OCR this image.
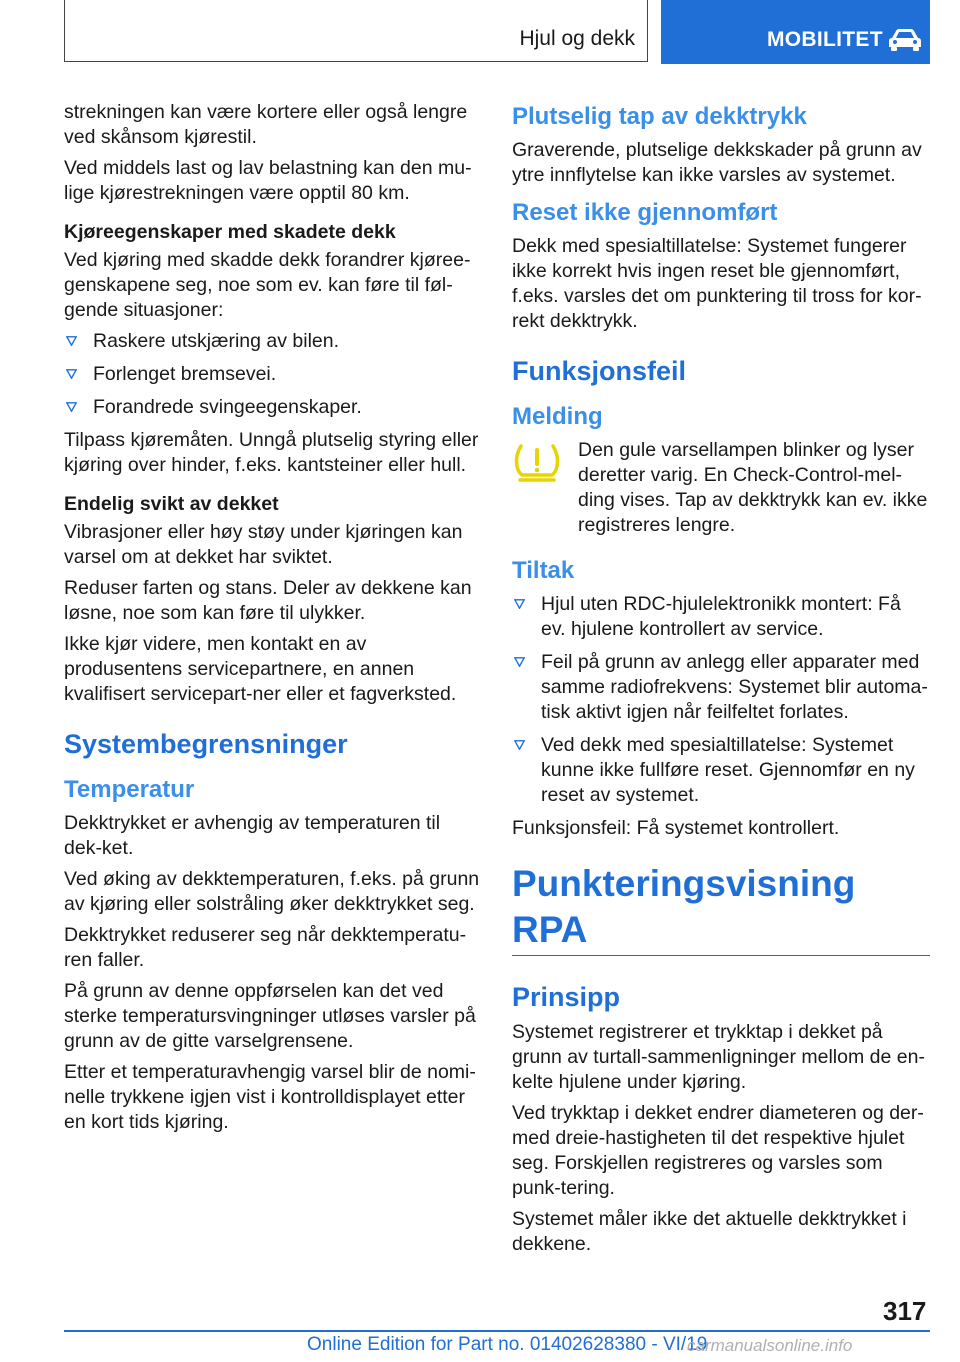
Hjul og dekk	MOBILITET

strekningen kan være kortere eller også lengre ved skånsom kjørestil.

Ved middels last og lav belastning kan den mu-lige kjørestrekningen være opptil 80 km.

Kjøreegenskaper med skadete dekk

Ved kjøring med skadde dekk forandrer kjøree-genskapene seg, noe som ev. kan føre til føl-gende situasjoner:

Raskere utskjæring av bilen.
Forlenget bremsevei.
Forandrede svingeegenskaper.

Tilpass kjøremåten. Unngå plutselig styring eller kjøring over hinder, f.eks. kantsteiner eller hull.

Endelig svikt av dekket

Vibrasjoner eller høy støy under kjøringen kan varsel om at dekket har sviktet.

Reduser farten og stans. Deler av dekkene kan løsne, noe som kan føre til ulykker.

Ikke kjør videre, men kontakt en av produsentens servicepartnere, en annen kvalifisert servicepart-ner eller et fagverksted.

Systembegrensninger
Temperatur

Dekktrykket er avhengig av temperaturen til dek-ket.

Ved øking av dekktemperaturen, f.eks. på grunn av kjøring eller solstråling øker dekktrykket seg.

Dekktrykket reduserer seg når dekktemperatu-ren faller.

På grunn av denne oppførselen kan det ved sterke temperatursvingninger utløses varsler på grunn av de gitte varselgrensene.

Etter et temperaturavhengig varsel blir de nomi-nelle trykkene igjen vist i kontrolldisplayet etter en kort tids kjøring.

Plutselig tap av dekktrykk

Graverende, plutselige dekkskader på grunn av ytre innflytelse kan ikke varsles av systemet.

Reset ikke gjennomført

Dekk med spesialtillatelse: Systemet fungerer ikke korrekt hvis ingen reset ble gjennomført, f.eks. varsles det om punktering til tross for kor-rekt dekktrykk.

Funksjonsfeil
Melding

Den gule varsellampen blinker og lyser deretter varig. En Check-Control-mel-ding vises. Tap av dekktrykk kan ev. ikke registreres lengre.

Tiltak
Hjul uten RDC-hjulelektronikk montert: Få ev. hjulene kontrollert av service.
Feil på grunn av anlegg eller apparater med samme radiofrekvens: Systemet blir automa-tisk aktivt igjen når feilfeltet forlates.
Ved dekk med spesialtillatelse: Systemet kunne ikke fullføre reset. Gjennomfør en ny reset av systemet.

Funksjonsfeil: Få systemet kontrollert.

Punkteringsvisning RPA
Prinsipp

Systemet registrerer et trykktap i dekket på grunn av turtall-sammenligninger mellom de en-kelte hjulene under kjøring.

Ved trykktap i dekket endrer diameteren og der-med dreie-hastigheten til det respektive hjulet seg. Forskjellen registreres og varsles som punk-tering.

Systemet måler ikke det aktuelle dekktrykket i dekkene.

317
Online Edition for Part no. 01402628380 - VI/19
carmanualsonline.info
